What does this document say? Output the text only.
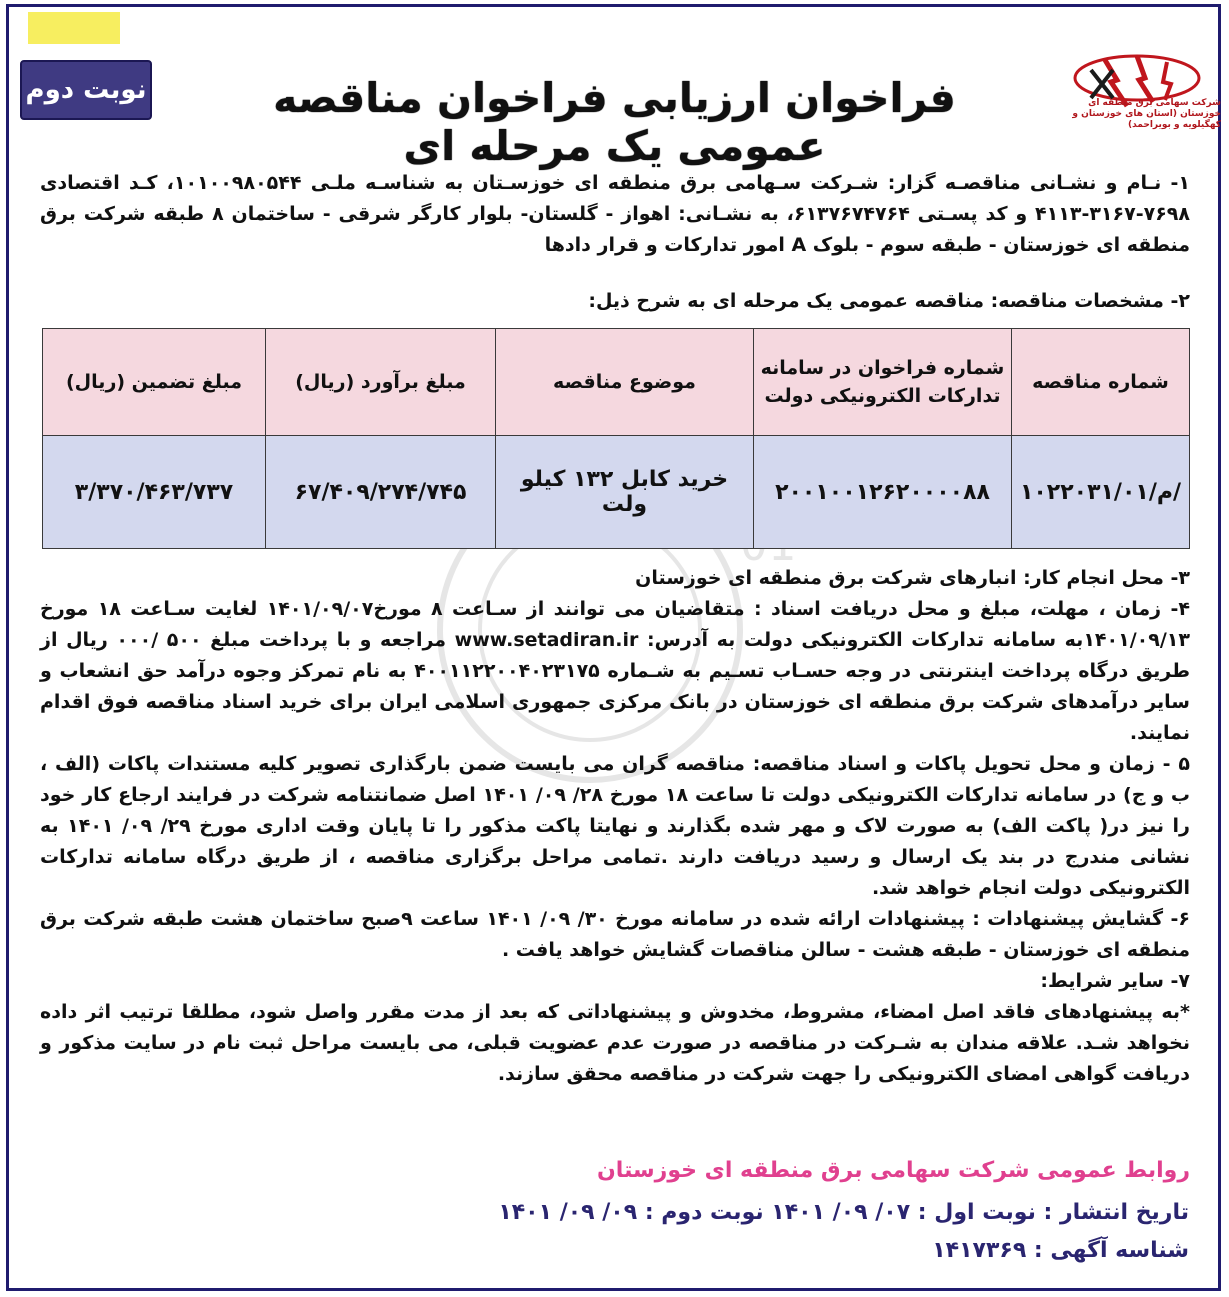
شرکت سهامی برق منطقه ای خوزستان (استان های خوزستان و کهگیلویه و بویراحمد)
نوبت دوم	فراخوان ارزیابی فراخوان مناقصه عمومی یک مرحله ای
۱- نـام و نشـانی مناقصـه گزار: شـرکت سـهامی برق منطقه ای خوزسـتان به شناسـه ملـی ۱۰۱۰۰۹۸۰۵۴۴، کـد اقتصادی ۷۶۹۸-۳۱۶۷-۴۱۱۳ و کد پسـتی ۶۱۳۷۶۷۴۷۶۴، به نشـانی: اهواز - گلستان- بلوار کارگر شرقی - ساختمان ۸ طبقه شرکت برق منطقه ای خوزستان - طبقه سوم - بلوک A امور تدارکات و قرار دادها
۲- مشخصات مناقصه: مناقصه عمومی یک مرحله ای به شرح ذیل:
شماره مناقصه	شماره فراخوان در سامانه تدارکات الکترونیکی دولت	موضوع مناقصه	مبلغ برآورد (ریال)	مبلغ تضمین (ریال)
م/۱۰۲۲۰۳۱/۰۱/	۲۰۰۱۰۰۱۲۶۲۰۰۰۰۸۸	خرید کابل ۱۳۲ کیلو ولت	۶۷/۴۰۹/۲۷۴/۷۴۵	۳/۳۷۰/۴۶۳/۷۳۷
۳- محل انجام کار: انبارهای شرکت برق منطقه ای خوزستان
۴- زمان ، مهلت، مبلغ و محل دریافت اسناد : متقاضیان می توانند از سـاعت ۸ مورخ۱۴۰۱/۰۹/۰۷ لغایت سـاعت ۱۸ مورخ ۱۴۰۱/۰۹/۱۳به سامانه تدارکات الکترونیکی دولت به آدرس: www.setadiran.ir مراجعه و با پرداخت مبلغ ۵۰۰ /۰۰۰ ریال از طریق درگاه پرداخت اینترنتی در وجه حسـاب تسـیم به شـماره ۴۰۰۱۱۲۲۰۰۴۰۲۳۱۷۵ به نام تمرکز وجوه درآمد حق انشعاب و سایر درآمدهای شرکت برق منطقه ای خوزستان در بانک مرکزی جمهوری اسلامی ایران برای خرید اسناد مناقصه فوق اقدام نمایند.
۵ - زمان و محل تحویل پاکات و اسناد مناقصه: مناقصه گران می بایست ضمن بارگذاری تصویر کلیه مستندات پاکات (الف ، ب و ج) در سامانه تدارکات الکترونیکی دولت تا ساعت ۱۸ مورخ ۲۸/ ۰۹/ ۱۴۰۱ اصل ضمانتنامه شرکت در فرایند ارجاع کار خود را نیز در( پاکت الف) به صورت لاک و مهر شده بگذارند و نهایتا پاکت مذکور را تا پایان وقت اداری مورخ ۲۹/ ۰۹/ ۱۴۰۱ به نشانی مندرج در بند یک ارسال و رسید دریافت دارند .تمامی مراحل برگزاری مناقصه ، از طریق درگاه سامانه تدارکات الکترونیکی دولت انجام خواهد شد.
۶- گشایش پیشنهادات : پیشنهادات ارائه شده در سامانه مورخ ۳۰/ ۰۹/ ۱۴۰۱ ساعت ۹صبح ساختمان هشت طبقه شرکت برق منطقه ای خوزستان - طبقه هشت - سالن مناقصات گشایش خواهد یافت .
۷- سایر شرایط:
*به پیشنهادهای فاقد اصل امضاء، مشروط، مخدوش و پیشنهاداتی که بعد از مدت مقرر واصل شود، مطلقا ترتیب اثر داده نخواهد شـد. علاقه مندان به شـرکت در مناقصه در صورت عدم عضویت قبلی، می بایست مراحل ثبت نام در سایت مذکور و دریافت گواهی امضای الکترونیکی را جهت شرکت در مناقصه محقق سازند.
روابط عمومی شرکت سهامی برق منطقه ای خوزستان
تاریخ انتشار : نوبت اول : ۰۷/ ۰۹/ ۱۴۰۱ نوبت دوم : ۰۹/ ۰۹/ ۱۴۰۱
شناسه آگهی : ۱۴۱۷۳۶۹
